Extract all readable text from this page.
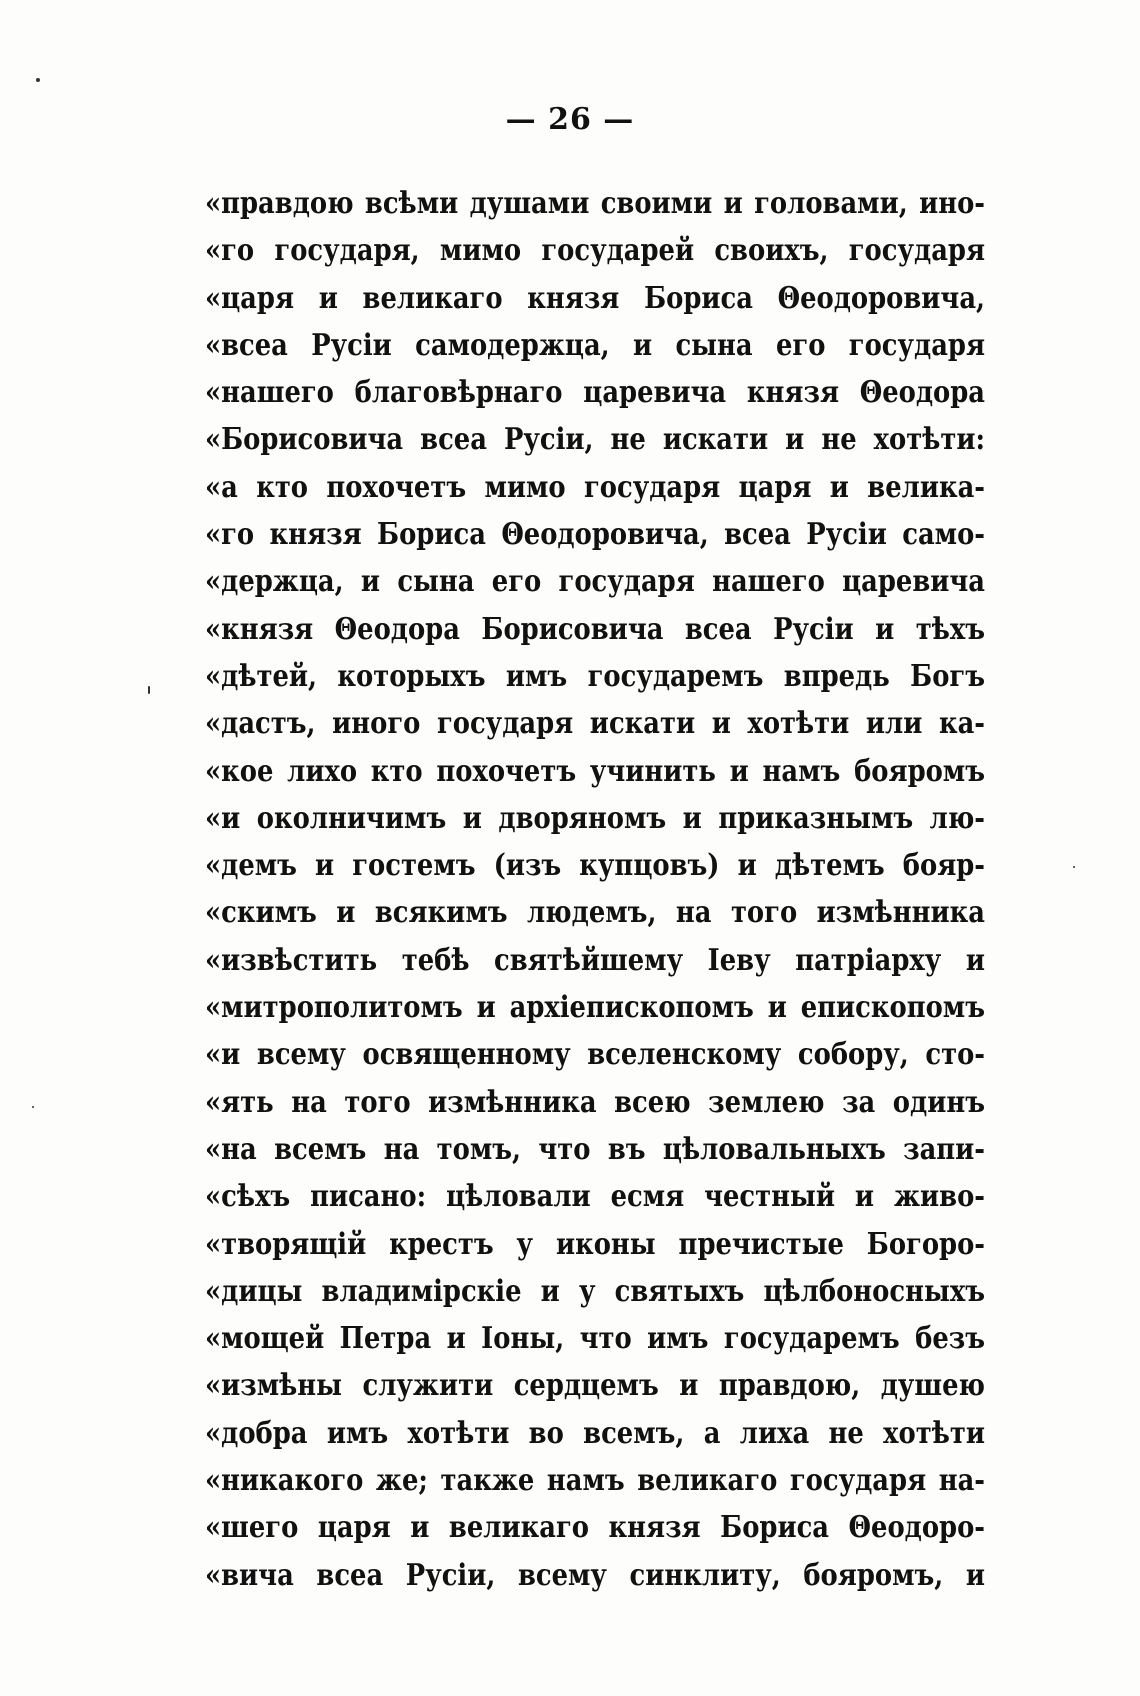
— 26 —
«правдою всѣми душами своими и головами, ино-
«го государя, мимо государей своихъ, государя
«царя и великаго князя Бориса Θеодоровича,
«всеа Русіи самодержца, и сына его государя
«нашего благовѣрнаго царевича князя Θеодора
«Борисовича всеа Русіи, не искати и не хотѣти:
«а кто похочетъ мимо государя царя и велика-
«го князя Бориса Θеодоровича, всеа Русіи само-
«держца, и сына его государя нашего царевича
«князя Θеодора Борисовича всеа Русіи и тѣхъ
«дѣтей, которыхъ имъ государемъ впредь Богъ
«дастъ, иного государя искати и хотѣти или ка-
«кое лихо кто похочетъ учинить и намъ бояромъ
«и околничимъ и дворяномъ и приказнымъ лю-
«демъ и гостемъ (изъ купцовъ) и дѣтемъ бояр-
«скимъ и всякимъ людемъ, на того измѣнника
«извѣстить тебѣ святѣйшему Іеву патріарху и
«митрополитомъ и архіепископомъ и епископомъ
«и всему освященному вселенскому собору, сто-
«ять на того измѣнника всею землею за одинъ
«на всемъ на томъ, что въ цѣловальныхъ запи-
«сѣхъ писано: цѣловали есмя честный и живо-
«творящій крестъ у иконы пречистые Богоро-
«дицы владимірскіе и у святыхъ цѣлбоносныхъ
«мощей Петра и Іоны, что имъ государемъ безъ
«измѣны служити сердцемъ и правдою, душею
«добра имъ хотѣти во всемъ, а лиха не хотѣти
«никакого же; также намъ великаго государя на-
«шего царя и великаго князя Бориса Θеодоро-
«вича всеа Русіи, всему синклиту, бояромъ, и
